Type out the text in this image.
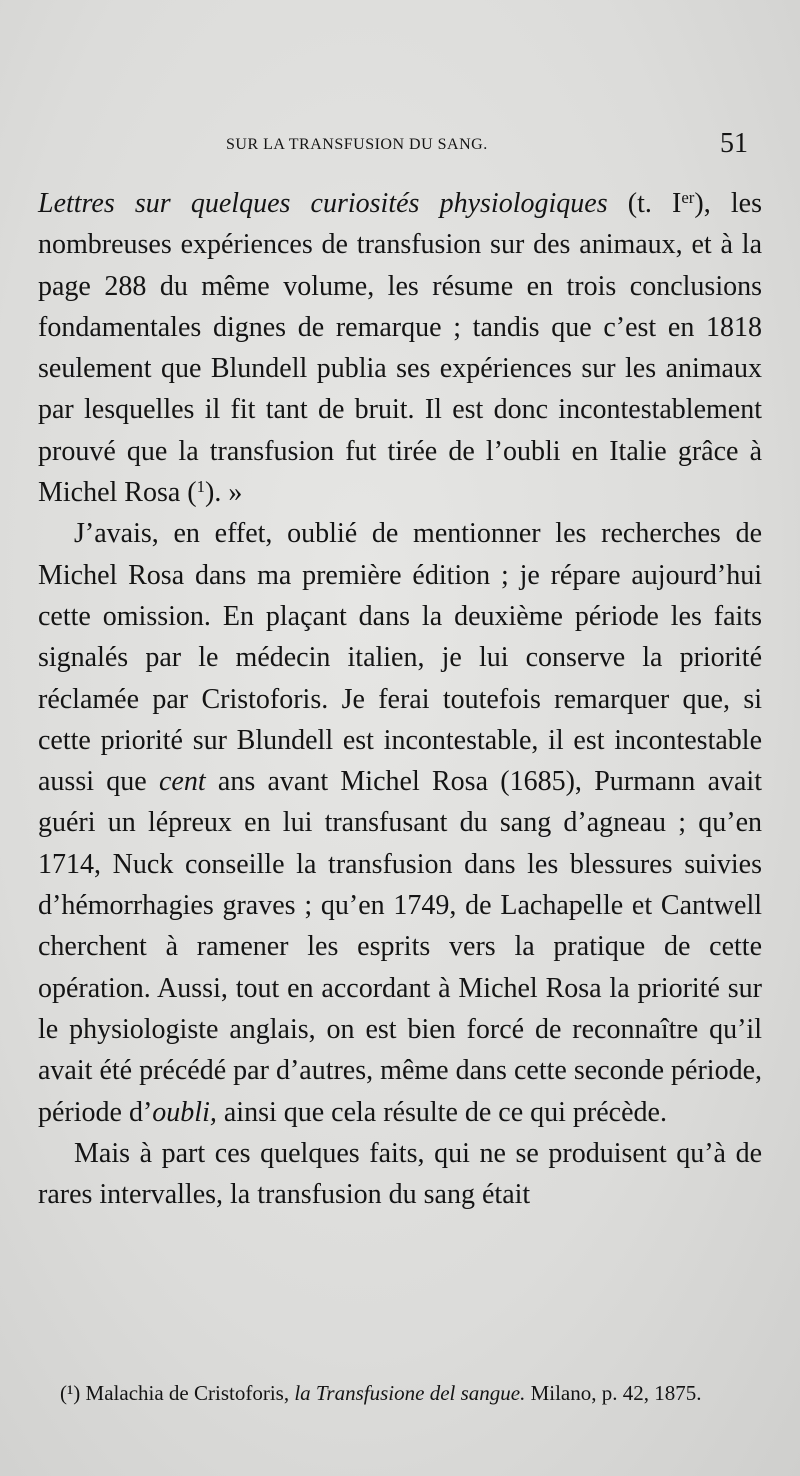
SUR LA TRANSFUSION DU SANG.	51

Lettres sur quelques curiosités physiologiques (t. Ier), les nombreuses expériences de transfusion sur des animaux, et à la page 288 du même volume, les résume en trois conclusions fondamentales dignes de remarque ; tandis que c’est en 1818 seulement que Blundell publia ses expériences sur les animaux par lesquelles il fit tant de bruit. Il est donc incontestablement prouvé que la transfusion fut tirée de l’oubli en Italie grâce à Michel Rosa ($^1$). »

J’avais, en effet, oublié de mentionner les recherches de Michel Rosa dans ma première édition ; je répare aujourd’hui cette omission. En plaçant dans la deuxième période les faits signalés par le médecin italien, je lui conserve la priorité réclamée par Cristoforis. Je ferai toutefois remarquer que, si cette priorité sur Blundell est incontestable, il est incontestable aussi que cent ans avant Michel Rosa (1685), Purmann avait guéri un lépreux en lui transfusant du sang d’agneau ; qu’en 1714, Nuck conseille la transfusion dans les blessures suivies d’hémorrhagies graves ; qu’en 1749, de Lachapelle et Cantwell cherchent à ramener les esprits vers la pratique de cette opération. Aussi, tout en accordant à Michel Rosa la priorité sur le physiologiste anglais, on est bien forcé de reconnaître qu’il avait été précédé par d’autres, même dans cette seconde période, période d’oubli, ainsi que cela résulte de ce qui précède.

Mais à part ces quelques faits, qui ne se produisent qu’à de rares intervalles, la transfusion du sang était

(¹) Malachia de Cristoforis, la Transfusione del sangue. Milano, p. 42, 1875.
